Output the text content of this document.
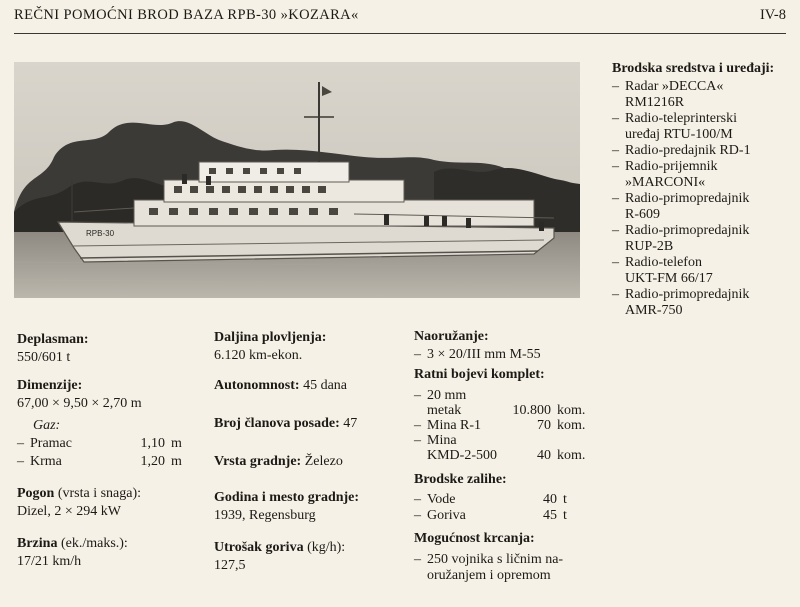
REČNI POMOĆNI BROD BAZA RPB-30 »KOZARA«	IV-8
RPB-30
Deplasman:
550/601 t
Dimenzije:
67,00 × 9,50 × 2,70 m
Gaz:
– Pramac	1,10 m
– Krma	1,20 m
Pogon (vrsta i snaga):
Dizel, 2 × 294 kW
Brzina (ek./maks.):
17/21 km/h
Daljina plovljenja:
6.120 km-ekon.
Autonomnost: 45 dana
Broj članova posade: 47
Vrsta gradnje: Železo
Godina i mesto gradnje:
1939, Regensburg
Utrošak goriva (kg/h):
127,5
Naoružanje:
– 3 × 20/III mm M-55
Ratni bojevi komplet:
– 20 mm
metak	10.800 kom.
– Mina R-1	70 kom.
– Mina
KMD-2-500	40 kom.
Brodske zalihe:
– Vode	40 t
– Goriva	45 t
Mogućnost krcanja:
– 250 vojnika s ličnim na-
oružanjem i opremom
Brodska sredstva i uređaji:
– Radar »DECCA«
RM1216R
– Radio-teleprinterski
uređaj RTU-100/M
– Radio-predajnik RD-1
– Radio-prijemnik
»MARCONI«
– Radio-primopredajnik
R-609
– Radio-primopredajnik
RUP-2B
– Radio-telefon
UKT-FM 66/17
– Radio-primopredajnik
AMR-750
